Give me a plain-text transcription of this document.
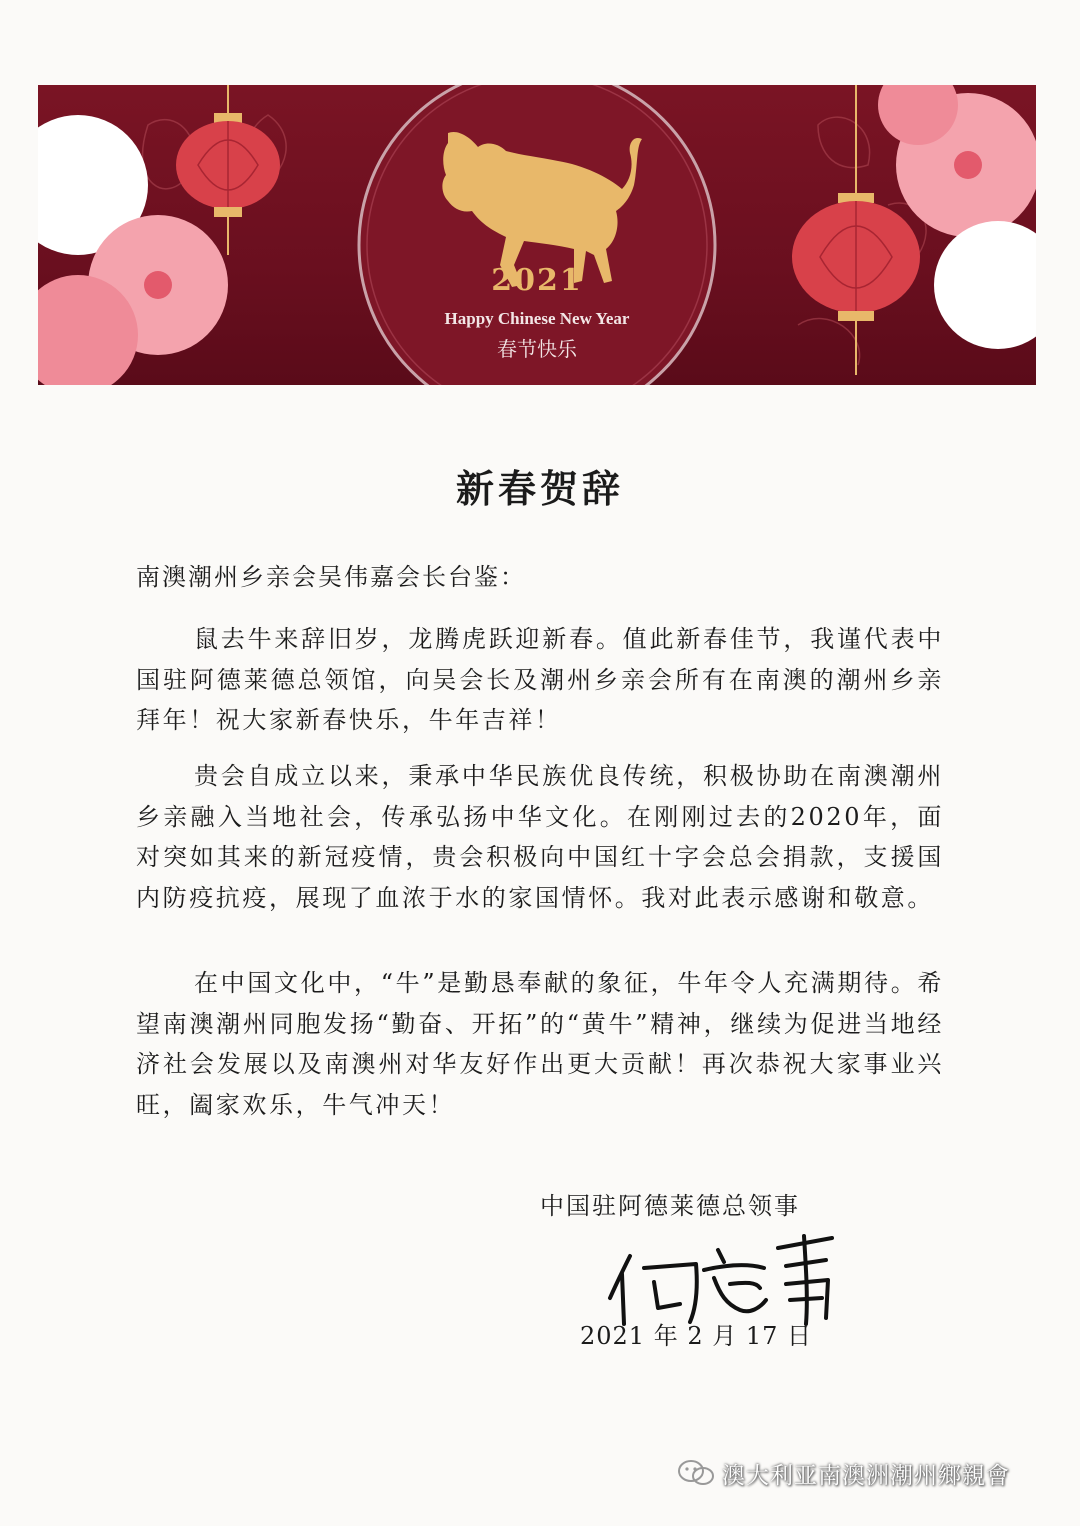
2021
Happy Chinese New Year
春节快乐
新春贺辞
南澳潮州乡亲会吴伟嘉会长台鉴：
鼠去牛来辞旧岁，龙腾虎跃迎新春。值此新春佳节，我谨代表中国驻阿德莱德总领馆，向吴会长及潮州乡亲会所有在南澳的潮州乡亲拜年！祝大家新春快乐，牛年吉祥！
贵会自成立以来，秉承中华民族优良传统，积极协助在南澳潮州乡亲融入当地社会，传承弘扬中华文化。在刚刚过去的2020年，面对突如其来的新冠疫情，贵会积极向中国红十字会总会捐款，支援国内防疫抗疫，展现了血浓于水的家国情怀。我对此表示感谢和敬意。
在中国文化中，“牛”是勤恳奉献的象征，牛年令人充满期待。希望南澳潮州同胞发扬“勤奋、开拓”的“黄牛”精神，继续为促进当地经济社会发展以及南澳州对华友好作出更大贡献！再次恭祝大家事业兴旺，阖家欢乐，牛气冲天！
中国驻阿德莱德总领事
2021 年 2 月 17 日
澳大利亚南澳洲潮州鄉親會
